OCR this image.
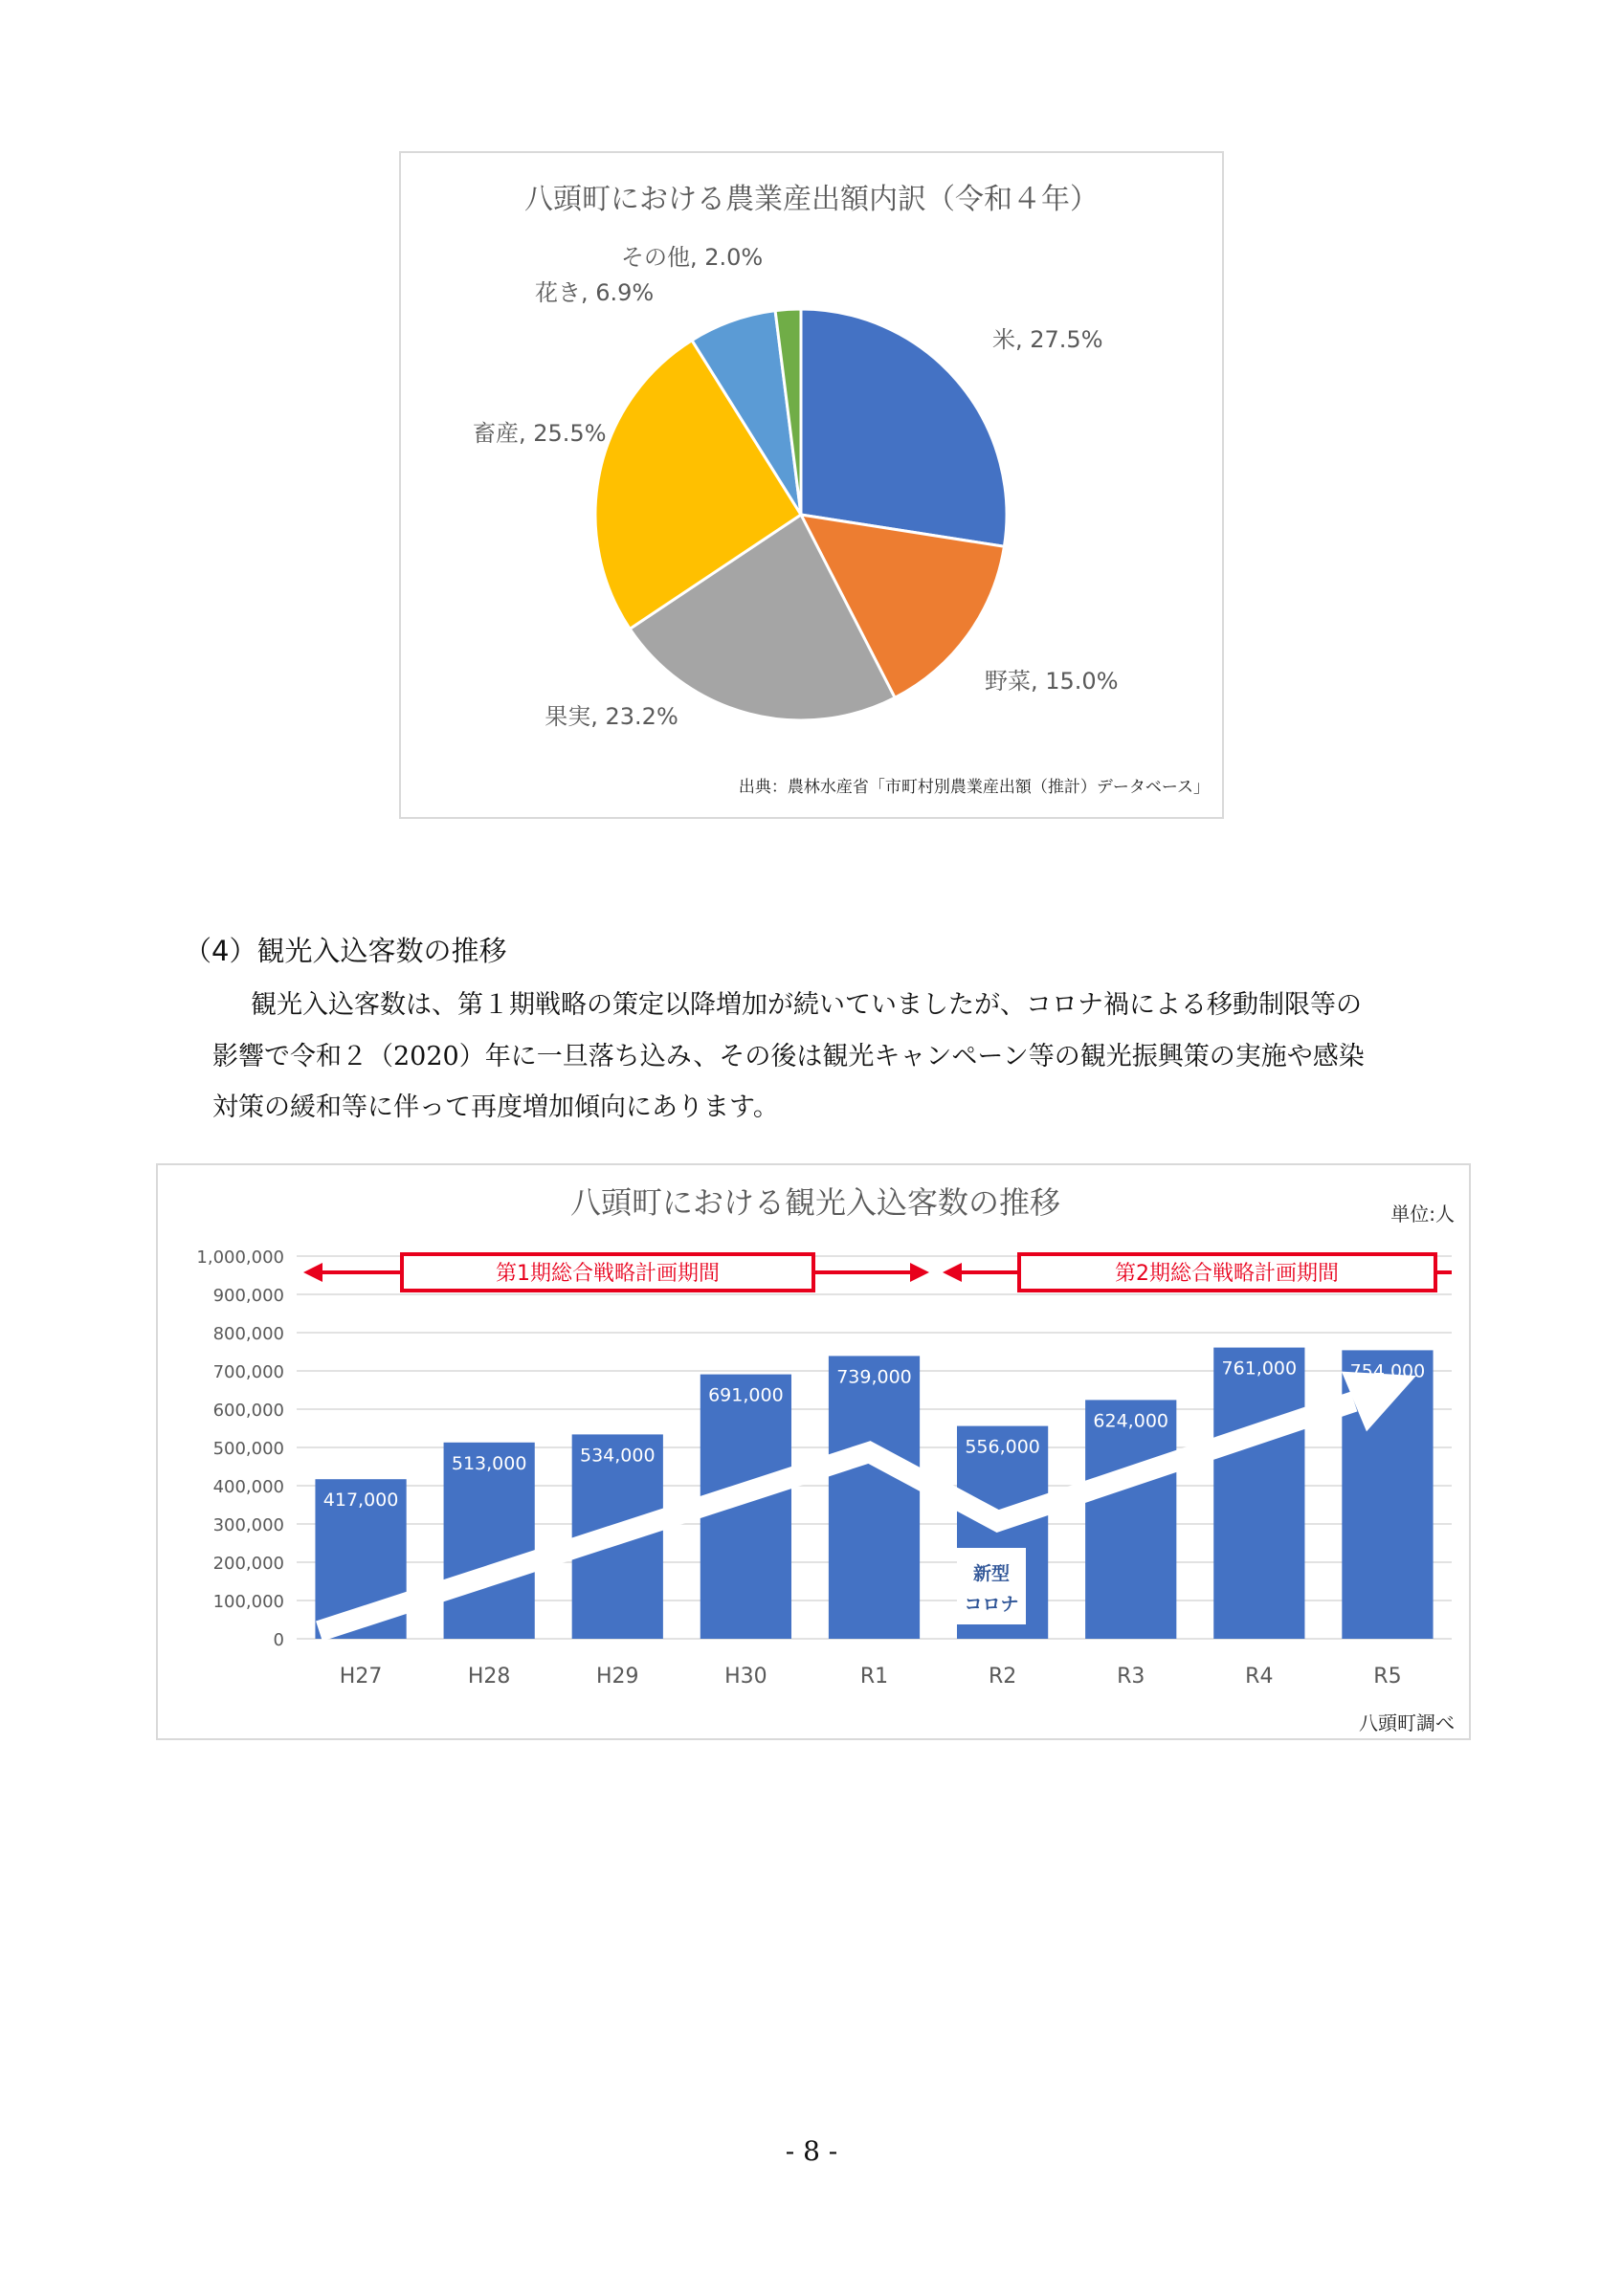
八頭町における農業産出額内訳（令和４年）
米, 27.5%
野菜, 15.0%
果実, 23.2%
畜産, 25.5%
花き, 6.9%
その他, 2.0%
出典：農林水産省「市町村別農業産出額（推計）データベース」
（4）観光入込客数の推移
観光入込客数は、第１期戦略の策定以降増加が続いていましたが、コロナ禍による移動制限等の
影響で令和２（2020）年に一旦落ち込み、その後は観光キャンペーン等の観光振興策の実施や感染
対策の緩和等に伴って再度増加傾向にあります。
八頭町における観光入込客数の推移	単位:人
1,000,000
900,000
800,000
700,000
600,000
500,000
400,000
300,000
200,000
100,000
0
417,000
513,000	534,000
691,000
739,000
556,000
624,000
761,000	754,000
H27	H28	H29	H30	R1	R2	R3	R4	R5
第1期総合戦略計画期間	第2期総合戦略計画期間
新型
コロナ
八頭町調べ
- 8 -
